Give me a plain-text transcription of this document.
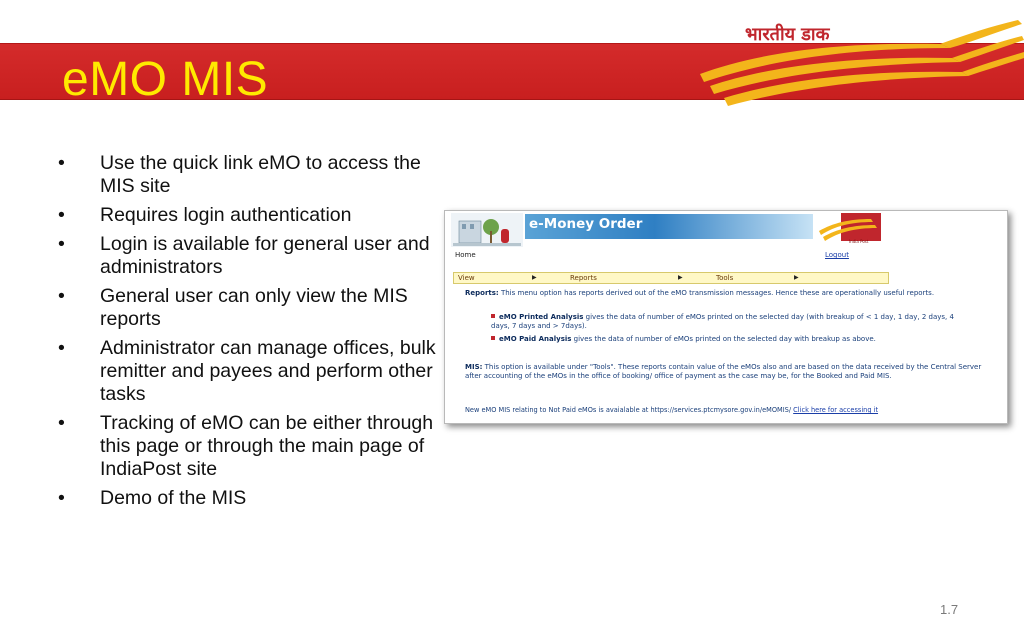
eMO MIS
भारतीय डाक
• Use the quick link eMO to access the MIS site
• Requires login authentication
• Login is available for general user and administrators
• General user can only view the MIS reports
• Administrator can manage offices, bulk remitter and payees and perform other tasks
• Tracking of eMO can be either through this page or through the main page of IndiaPost site
• Demo of the MIS
e-Money Order
India Post
Home	Logout
View	▶	Reports	▶	Tools	▶
Reports: This menu option has reports derived out of the eMO transmission messages. Hence these are operationally useful reports.
eMO Printed Analysis gives the data of number of eMOs printed on the selected day (with breakup of < 1 day, 1 day, 2 days, 4 days, 7 days and > 7days).
eMO Paid Analysis gives the data of number of eMOs printed on the selected day with breakup as above.
MIS: This option is available under "Tools". These reports contain value of the eMOs also and are based on the data received by the Central Server after accounting of the eMOs in the office of booking/ office of payment as the case may be, for the Booked and Paid MIS.
New eMO MIS relating to Not Paid eMOs is avaialable at https://services.ptcmysore.gov.in/eMOMIS/ Click here for accessing it
1.7
